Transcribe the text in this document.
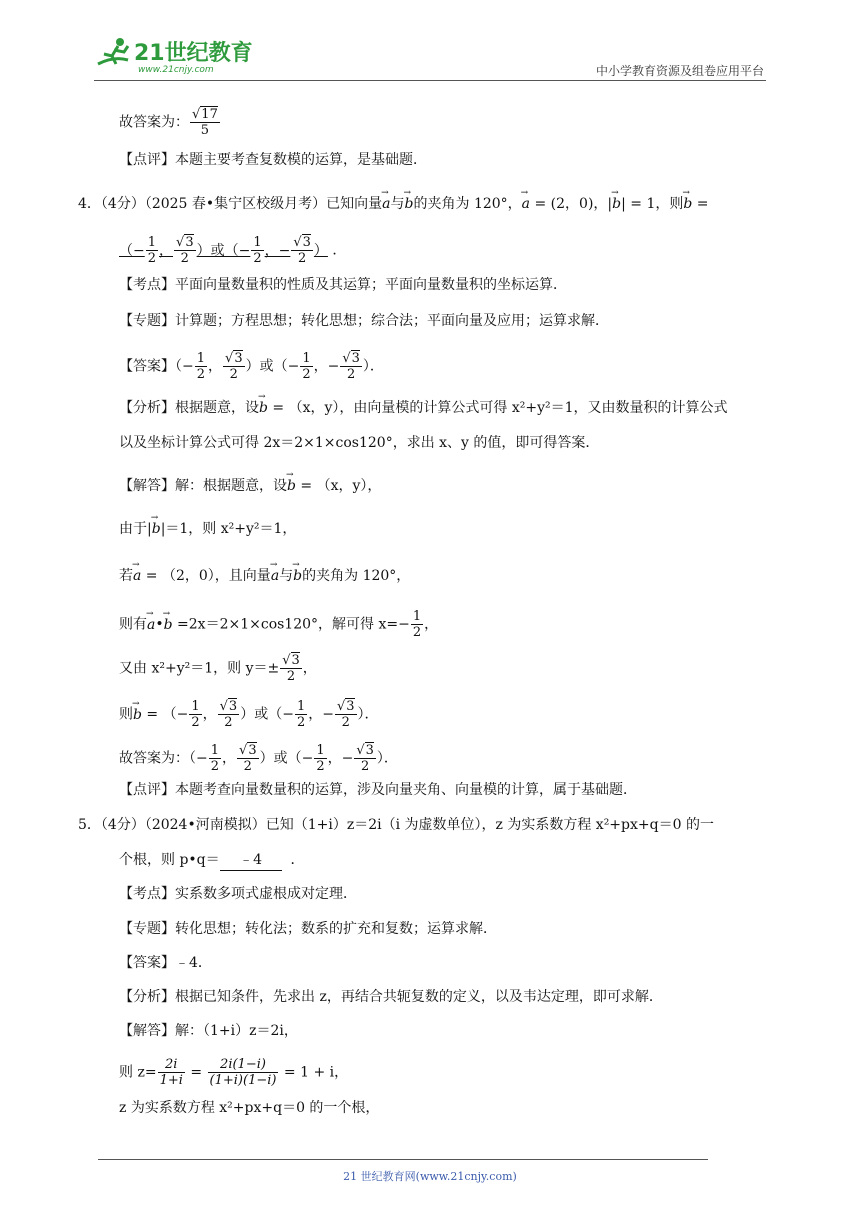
21世纪教育
www.21cnjy.com	中小学教育资源及组卷应用平台
故答案为： $\frac{√17}{5}$
【点评】本题主要考查复数模的运算，是基础题．
4．（4分）（2025 春•集宁区校级月考）已知向量→ a与→ b的夹角为 120°，→ a = (2，0)，|→ b| = 1，则→ b =
（− $\frac{1}{2}$ ， $\frac{√3}{2}$ ）或（− $\frac{1}{2}$ ，− $\frac{√3}{2}$ ） ．
【考点】平面向量数量积的性质及其运算；平面向量数量积的坐标运算．
【专题】计算题；方程思想；转化思想；综合法；平面向量及应用；运算求解．
【答案】（− $\frac{1}{2}$ ， $\frac{√3}{2}$ ）或（− $\frac{1}{2}$ ，− $\frac{√3}{2}$ ）．
【分析】根据题意，设→ b = （x，y），由向量模的计算公式可得 x²+y²＝1，又由数量积的计算公式
以及坐标计算公式可得 2x＝2×1×cos120°，求出 x、y 的值，即可得答案．
【解答】解：根据题意，设→ b = （x，y），
由于|→ b|＝1，则 x²+y²＝1，
若→ a = （2，0），且向量→ a与→ b的夹角为 120°，
则有→ a•→ b =2x＝2×1×cos120°，解可得 $x=- \frac{1}{2}$ ，
又由 x²+y²＝1，则 $y=\pm \frac{√3}{2}$ ，
则→ b = （− $\frac{1}{2}$ ， $\frac{√3}{2}$ ）或（− $\frac{1}{2}$ ，− $\frac{√3}{2}$ ）．
故答案为：（− $\frac{1}{2}$ ， $\frac{√3}{2}$ ）或（− $\frac{1}{2}$ ，− $\frac{√3}{2}$ ）．
【点评】本题考查向量数量积的运算，涉及向量夹角、向量模的计算，属于基础题．
5．（4分）（2024•河南模拟）已知（1+i）z＝2i（i 为虚数单位），z 为实系数方程 x²+px+q＝0 的一
个根，则 p•q＝ ﹣4  ．
【考点】实系数多项式虚根成对定理．
【专题】转化思想；转化法；数系的扩充和复数；运算求解．
【答案】﹣4．
【分析】根据已知条件，先求出 z，再结合共轭复数的定义，以及韦达定理，即可求解．
【解答】解：（1+i）z＝2i，
则 $z= \frac{2i}{1+i} = \frac{2i(1-i)}{(1+i)(1-i)} = 1 + i$，
z 为实系数方程 x²+px+q＝0 的一个根，
21 世纪教育网(www.21cnjy.com)
